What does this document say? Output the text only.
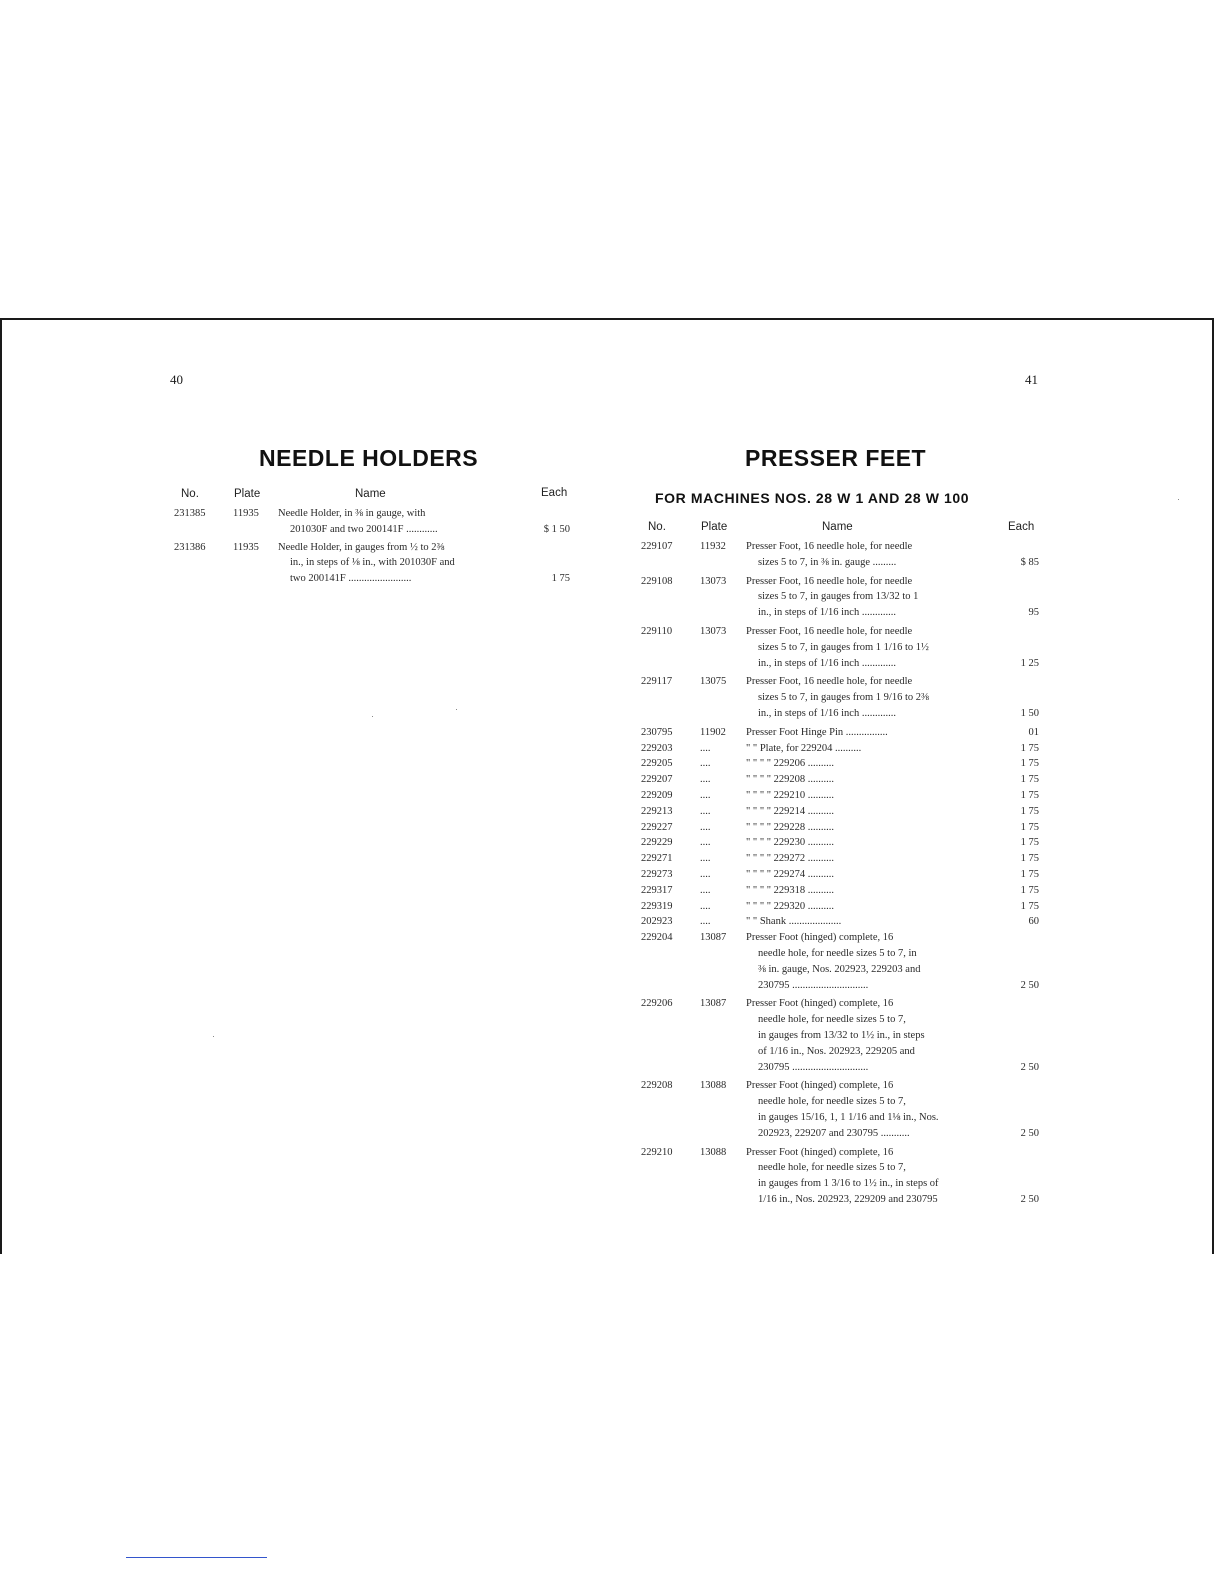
40
NEEDLE HOLDERS
No.	Plate	Name	Each
231385	11935 Needle Holder, in ⅜ in gauge, with
201030F and two 200141F ............	$ 1 50
231386	11935 Needle Holder, in gauges from ½ to 2⅜
in., in steps of ⅛ in., with 201030F and
two 200141F ........................	1 75
41
PRESSER FEET
FOR MACHINES NOS. 28 W 1 AND 28 W 100
No.	Plate	Name	Each
229107	11932 Presser Foot, 16 needle hole, for needle
sizes 5 to 7, in ⅜ in. gauge .........	$ 85
229108	13073 Presser Foot, 16 needle hole, for needle
sizes 5 to 7, in gauges from 13/32 to 1
in., in steps of 1/16 inch .............	95
229110	13073 Presser Foot, 16 needle hole, for needle
sizes 5 to 7, in gauges from 1 1/16 to 1½
in., in steps of 1/16 inch .............	1 25
229117	13075 Presser Foot, 16 needle hole, for needle
sizes 5 to 7, in gauges from 1 9/16 to 2⅜
in., in steps of 1/16 inch .............	1 50
230795	11902 Presser Foot Hinge Pin ................	01
229203	....	" " Plate, for 229204 ..........	1 75
229205	....	" " " " 229206 ..........	1 75
229207	....	" " " " 229208 ..........	1 75
229209	....	" " " " 229210 ..........	1 75
229213	....	" " " " 229214 ..........	1 75
229227	....	" " " " 229228 ..........	1 75
229229	....	" " " " 229230 ..........	1 75
229271	....	" " " " 229272 ..........	1 75
229273	....	" " " " 229274 ..........	1 75
229317	....	" " " " 229318 ..........	1 75
229319	....	" " " " 229320 ..........	1 75
202923	....	" " Shank ....................	60
229204	13087 Presser Foot (hinged) complete, 16
needle hole, for needle sizes 5 to 7, in
⅜ in. gauge, Nos. 202923, 229203 and
230795 .............................	2 50
229206	13087 Presser Foot (hinged) complete, 16
needle hole, for needle sizes 5 to 7,
in gauges from 13/32 to 1½ in., in steps
of 1/16 in., Nos. 202923, 229205 and
230795 .............................	2 50
229208	13088 Presser Foot (hinged) complete, 16
needle hole, for needle sizes 5 to 7,
in gauges 15/16, 1, 1 1/16 and 1⅛ in., Nos.
202923, 229207 and 230795 ...........	2 50
229210	13088 Presser Foot (hinged) complete, 16
needle hole, for needle sizes 5 to 7,
in gauges from 1 3/16 to 1½ in., in steps of
1/16 in., Nos. 202923, 229209 and 230795	2 50
